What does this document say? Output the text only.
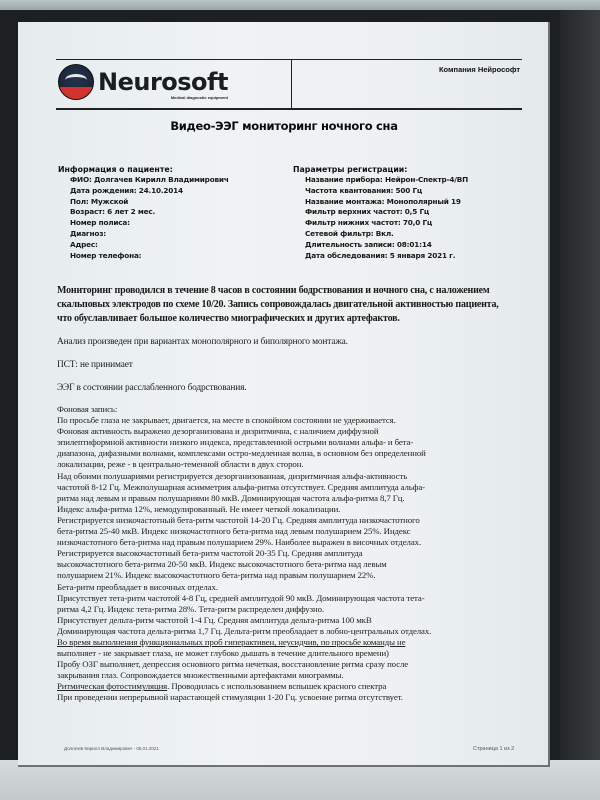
Neurosoft
Medical diagnostic equipment
Компания Нейрософт
Видео-ЭЭГ мониторинг ночного сна
Информация о пациенте:
ФИО: Долгачев Кирилл Владимирович
Дата рождения: 24.10.2014
Пол: Мужской
Возраст: 6 лет 2 мес.
Номер полиса:
Диагноз:
Адрес:
Номер телефона:
Параметры регистрации:
Название прибора: Нейрон-Спектр-4/ВП
Частота квантования: 500 Гц
Название монтажа: Монополярный 19
Фильтр верхних частот: 0,5 Гц
Фильтр нижних частот: 70,0 Гц
Сетевой фильтр: Вкл.
Длительность записи: 08:01:14
Дата обследования: 5 января 2021 г.
Мониторинг проводился в течение 8 часов в состоянии бодрствования и ночного сна, с наложением
скальповых электродов по схеме 10/20. Запись сопровождалась двигательной активностью пациента,
что обуславливает большое количество миографических и других артефактов.
Анализ произведен при вариантах монополярного и биполярного монтажа.
ПСТ: не принимает
ЭЭГ в состоянии расслабленного бодрствования.
Фоновая запись:
По просьбе глаза не закрывает, двигается, на месте в спокойном состоянии не удерживается.
Фоновая активность выражено дезорганизована и дизритмична, с наличием диффузной
эпилептиформной активности низкого индекса, представленной острыми волнами альфа- и бета-
диапазона, дифазными волнами, комплексами остро-медленная волна, в основном без определенной
локализации, реже - в центрально-теменной области в двух сторон.
Над обоими полушариями регистрируется дезорганизованная, дизритмичная альфа-активность
частотой 8-12 Гц. Межполушарная асимметрия альфа-ритма отсутствует. Средняя амплитуда альфа-
ритма над левым и правым полушариями 80 мкВ. Доминирующая частота альфа-ритма 8,7 Гц.
Индекс альфа-ритма 12%, немодулированный. Не имеет четкой локализации.
Регистрируется низкочастотный бета-ритм частотой 14-20 Гц. Средняя амплитуда низкочастотного
бета-ритма 25-40 мкВ. Индекс низкочастотного бета-ритма над левым полушарием 25%. Индекс
низкочастотного бета-ритма над правым полушарием 29%. Наиболее выражен в височных отделах.
Регистрируется высокочастотный бета-ритм частотой 20-35 Гц. Средняя амплитуда
высокочастотного бета-ритма 20-50 мкВ. Индекс высокочастотного бета-ритма над левым
полушарием 21%. Индекс высокочастотного бета-ритма над правым полушарием 22%.
Бета-ритм преобладает в височных отделах.
Присутствует тета-ритм частотой 4-8 Гц, средней амплитудой 90 мкВ. Доминирующая частота тета-
ритма 4,2 Гц. Индекс тета-ритма 28%. Тета-ритм распределен диффузно.
Присутствует дельта-ритм частотой 1-4 Гц. Средняя амплитуда дельта-ритма 100 мкВ
Доминирующая частота дельта-ритма 1,7 Гц. Дельта-ритм преобладает в лобно-центральных отделах.
Во время выполнения функциональных проб гиперактивен, неусидчив, по просьбе команды не
выполняет - не закрывает глаза, не может глубоко дышать в течение длительного времени)
Пробу ОЗГ выполняет, депрессия основного ритма нечеткая, восстановление ритма сразу после
закрывания глаз. Сопровождается множественными артефактами миограммы.
Ритмическая фотостимуляция. Проводилась с использованием вспышек красного спектра
При проведении непрерывной нарастающей стимуляции 1-20 Гц. усвоение ритма отсутствует.
Долгачев Кирилл Владимирович - 05.01.2021	Страница 1 из 2
